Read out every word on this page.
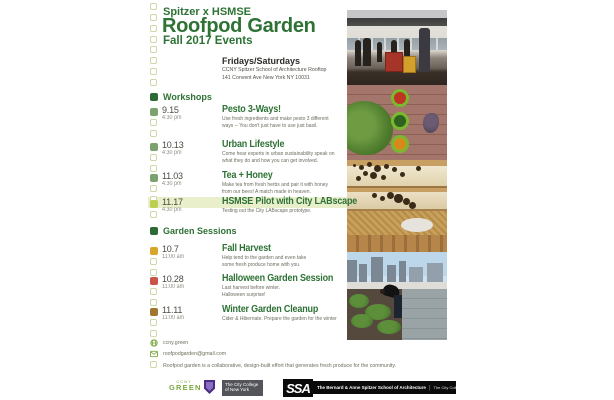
Spitzer x HSMSE
Roofpod Garden
Fall 2017 Events
Fridays/Saturdays
CCNY Spitzer School of Architecture Rooftop
141 Convent Ave New York NY 10031
Workshops
9.15
4:30 pm
Pesto 3-Ways!
Use fresh ingredients and make pesto 3 different
ways -- You don't just have to use just basil.
10.13
4:30 pm
Urban Lifestyle
Come hear experts in urban sustainability speak on
what they do and how you can get involved.
11.03
4:30 pm
Tea + Honey
Make tea from fresh herbs and pair it with honey
from our bees! A match made in heaven.
11.17
4:30 pm
HSMSE Pilot with City LABscape
Testing out the City LABscape prototype.
Garden Sessions
10.7
11:00 am
Fall Harvest
Help tend to the garden and even take
some fresh produce home with you.
10.28
11:00 am
Halloween Garden Session
Last harvest before winter.
Halloween surprise!
11.11
11:00 am
Winter Garden Cleanup
Cider & Hibernate. Prepare the garden for the winter
ccny.green
roofpodgarden@gmail.com
Roofpod garden is a collaborative, design-built effort that generates fresh produce for the community.
CCNY
GREEN	The City College
of New York	SSA	The Bernard & Anne Spitzer School of Architecture | The City College of New York | CUNY
